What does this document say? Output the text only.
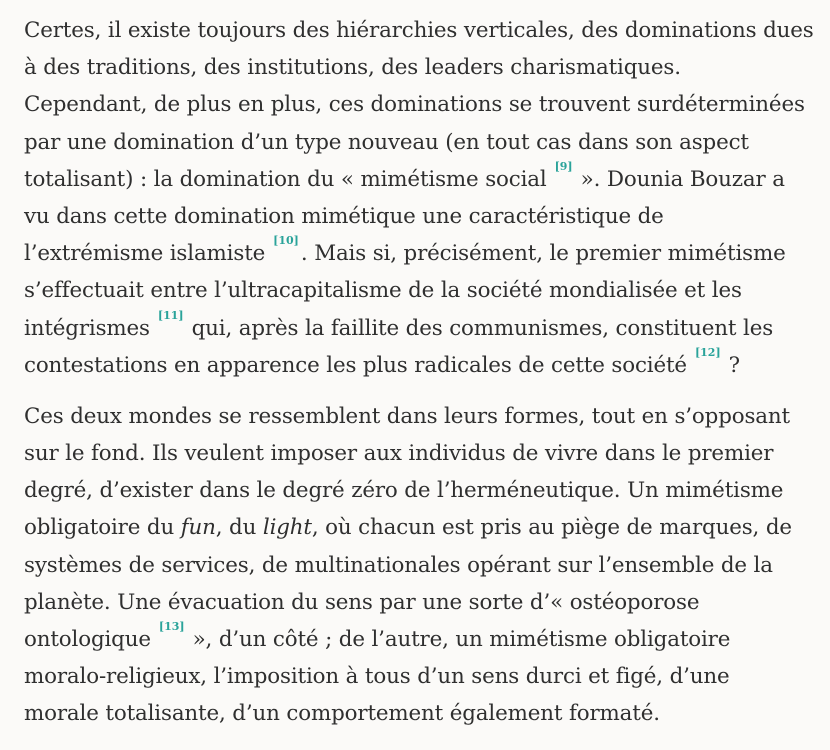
Certes, il existe toujours des hiérarchies verticales, des dominations dues
à des traditions, des institutions, des leaders charismatiques.
Cependant, de plus en plus, ces dominations se trouvent surdéterminées
par une domination d’un type nouveau (en tout cas dans son aspect
totalisant) : la domination du « mimétisme social[9]». Dounia Bouzar a
vu dans cette domination mimétique une caractéristique de
l’extrémisme islamiste[10]. Mais si, précisément, le premier mimétisme
s’effectuait entre l’ultracapitalisme de la société mondialisée et les
intégrismes[11]qui, après la faillite des communismes, constituent les
contestations en apparence les plus radicales de cette société[12]?

Ces deux mondes se ressemblent dans leurs formes, tout en s’opposant
sur le fond. Ils veulent imposer aux individus de vivre dans le premier
degré, d’exister dans le degré zéro de l’herméneutique. Un mimétisme
obligatoire du fun, du light, où chacun est pris au piège de marques, de
systèmes de services, de multinationales opérant sur l’ensemble de la
planète. Une évacuation du sens par une sorte d’« ostéoporose
ontologique[13]», d’un côté ; de l’autre, un mimétisme obligatoire
moralo-religieux, l’imposition à tous d’un sens durci et figé, d’une
morale totalisante, d’un comportement également formaté.
